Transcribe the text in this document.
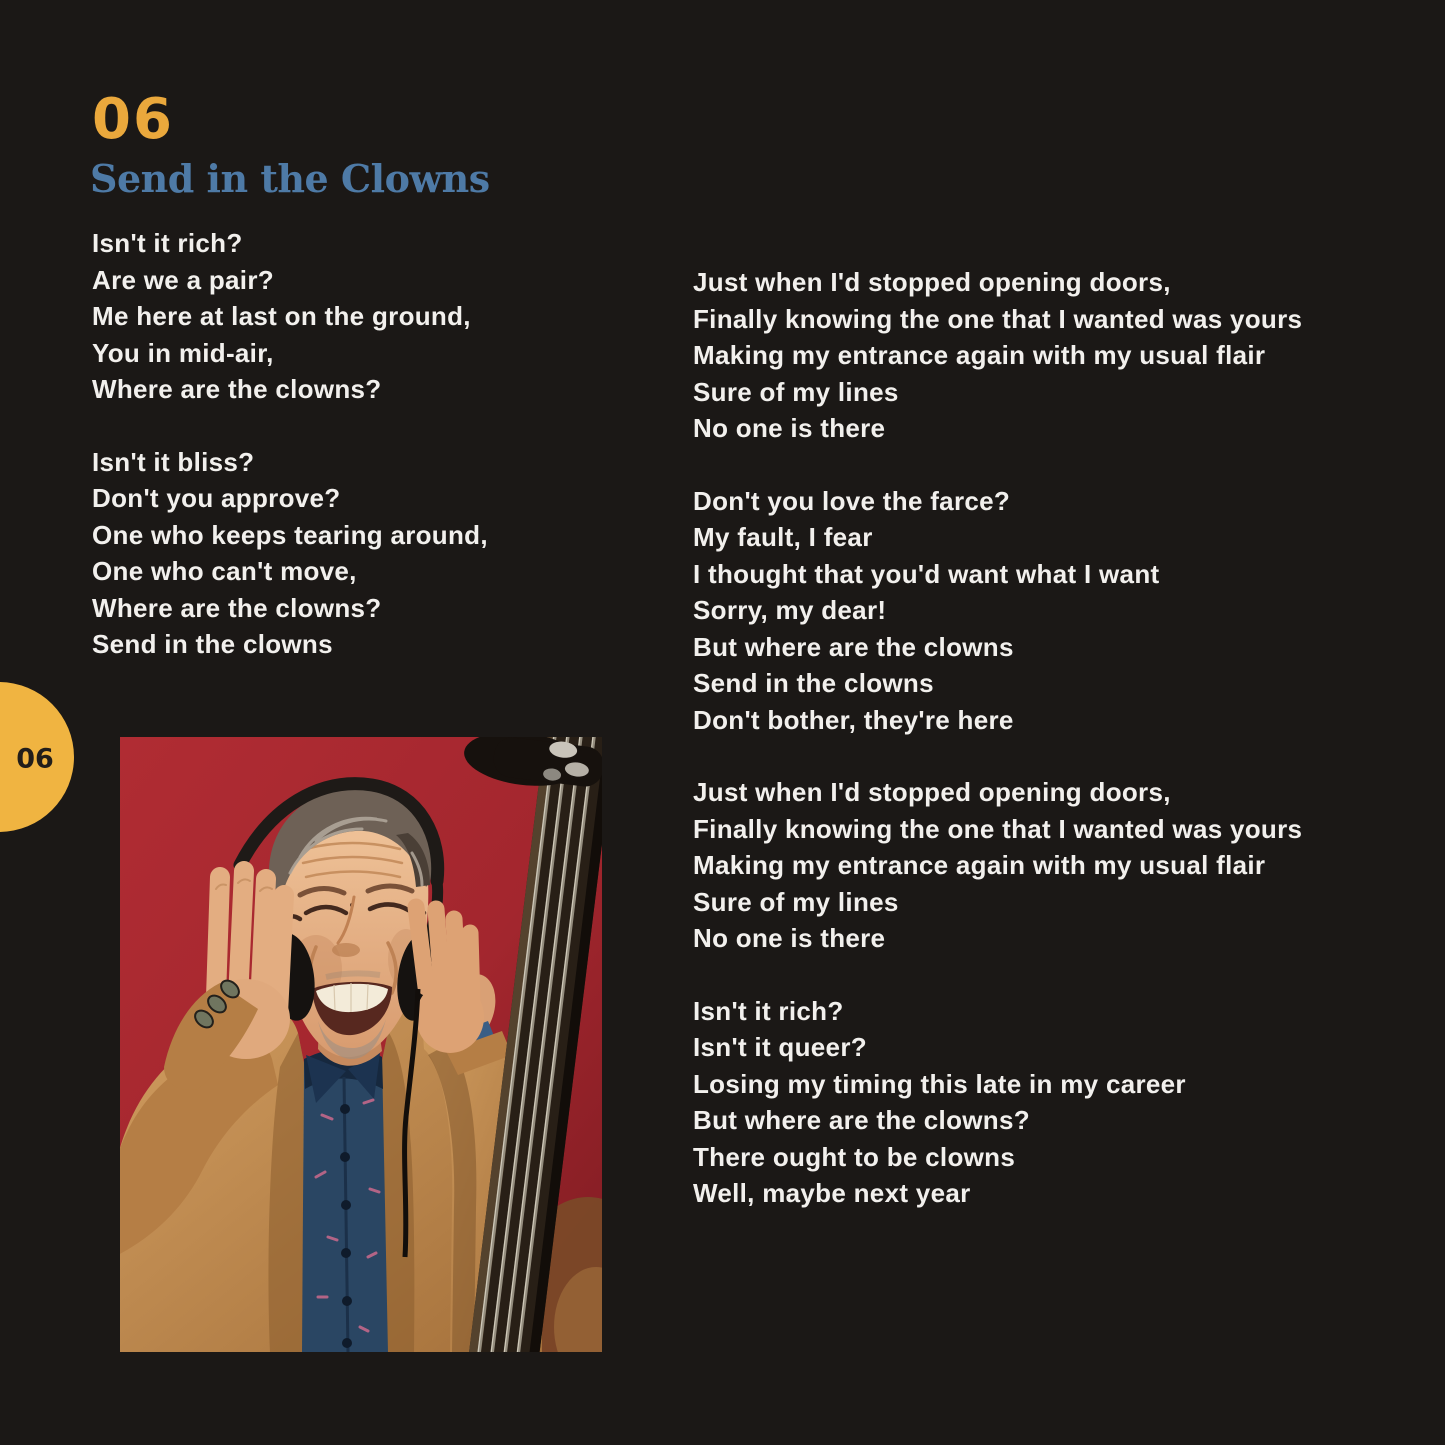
06
06
Send in the Clowns

Isn't it rich?

Are we a pair?

Me here at last on the ground,

You in mid-air,

Where are the clowns?

Isn't it bliss?

Don't you approve?

One who keeps tearing around,

One who can't move,

Where are the clowns?

Send in the clowns

Just when I'd stopped opening doors,

Finally knowing the one that I wanted was yours

Making my entrance again with my usual flair

Sure of my lines

No one is there

Don't you love the farce?

My fault, I fear

I thought that you'd want what I want

Sorry, my dear!

But where are the clowns

Send in the clowns

Don't bother, they're here

Just when I'd stopped opening doors,

Finally knowing the one that I wanted was yours

Making my entrance again with my usual flair

Sure of my lines

No one is there

Isn't it rich?

Isn't it queer?

Losing my timing this late in my career

But where are the clowns?

There ought to be clowns

Well, maybe next year
